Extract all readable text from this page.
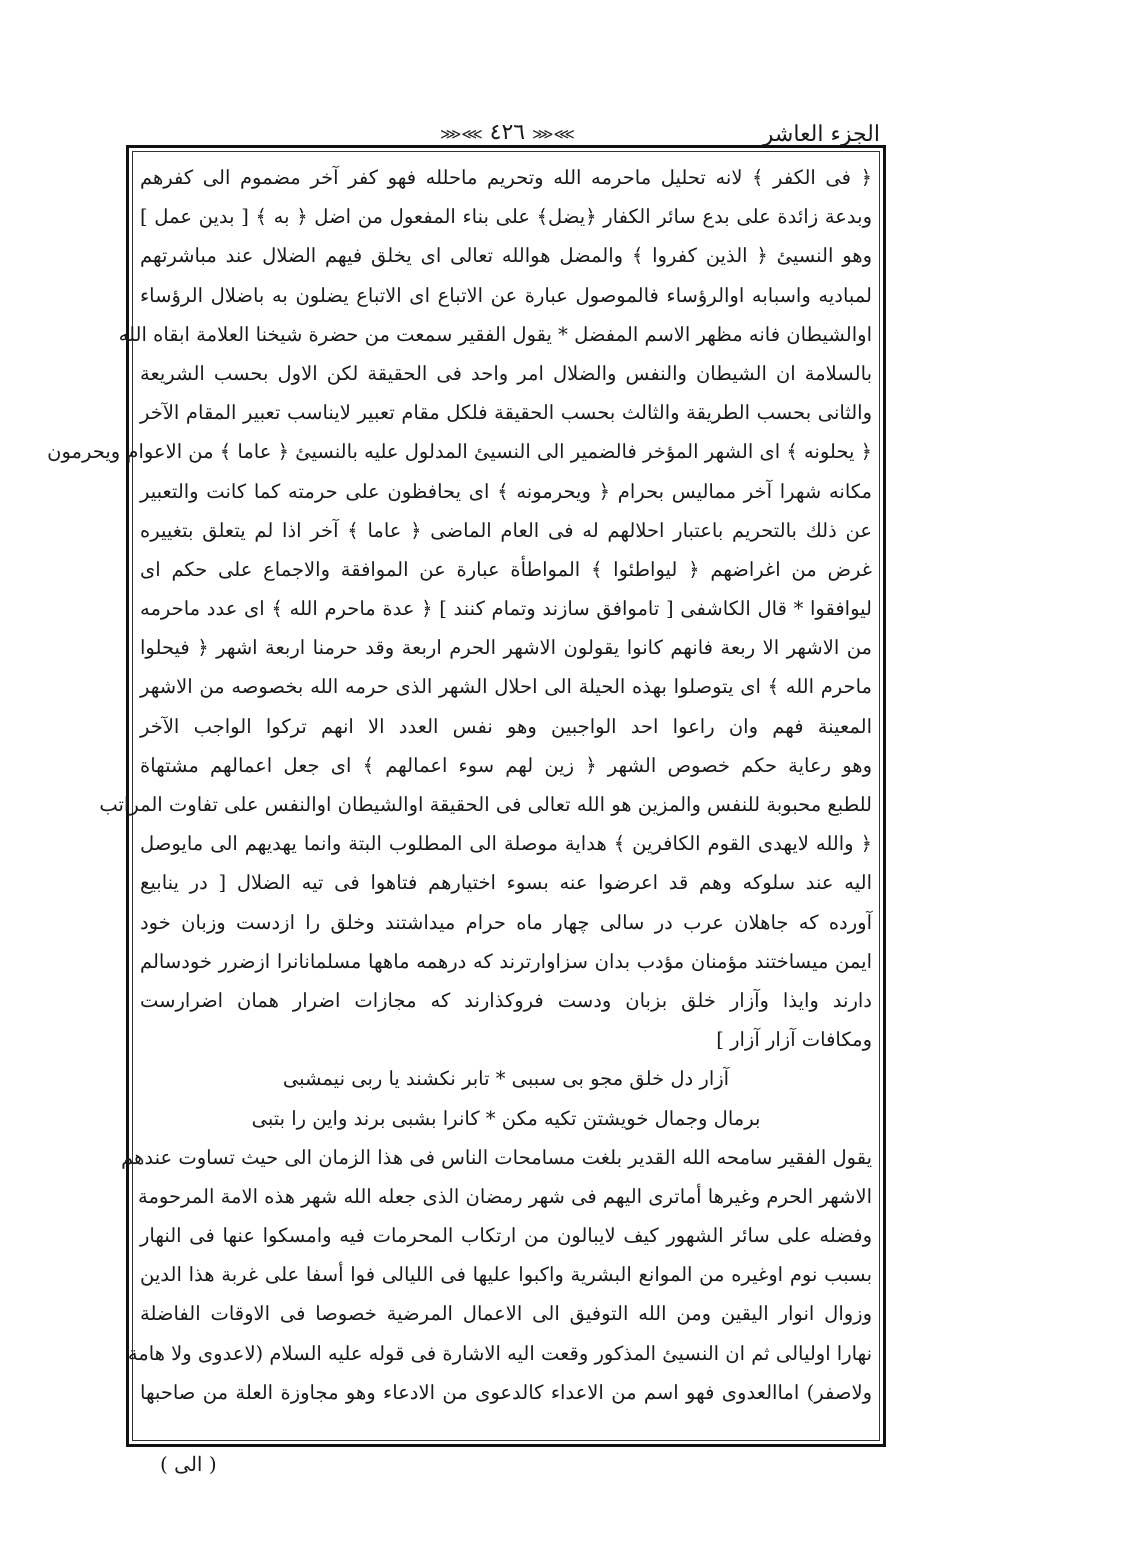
الجزء العاشر
⋙⋘ ٤٢٦ ⋙⋘
﴿ فى الكفر ﴾ لانه تحليل ماحرمه الله وتحريم ماحلله فهو كفر آخر مضموم الى كفرهم
وبدعة زائدة على بدع سائر الكفار ﴿يضل﴾ على بناء المفعول من اضل ﴿ به ﴾ [ بدين عمل ]
وهو النسيئ ﴿ الذين كفروا ﴾ والمضل هوالله تعالى اى يخلق فيهم الضلال عند مباشرتهم
لمباديه واسبابه اوالرؤساء فالموصول عبارة عن الاتباع اى الاتباع يضلون به باضلال الرؤساء
اوالشيطان فانه مظهر الاسم المفضل * يقول الفقير سمعت من حضرة شيخنا العلامة ابقاه الله
بالسلامة ان الشيطان والنفس والضلال امر واحد فى الحقيقة لكن الاول بحسب الشريعة
والثانى بحسب الطريقة والثالث بحسب الحقيقة فلكل مقام تعبير لايناسب تعبير المقام الآخر
﴿ يحلونه ﴾ اى الشهر المؤخر فالضمير الى النسيئ المدلول عليه بالنسيئ ﴿ عاما ﴾ من الاعوام ويحرمون
مكانه شهرا آخر مماليس بحرام ﴿ ويحرمونه ﴾ اى يحافظون على حرمته كما كانت والتعبير
عن ذلك بالتحريم باعتبار احلالهم له فى العام الماضى ﴿ عاما ﴾ آخر اذا لم يتعلق بتغييره
غرض من اغراضهم ﴿ ليواطئوا ﴾ المواطأة عبارة عن الموافقة والاجماع على حكم اى
ليوافقوا * قال الكاشفى [ تاموافق سازند وتمام كنند ] ﴿ عدة ماحرم الله ﴾ اى عدد ماحرمه
من الاشهر الا ربعة فانهم كانوا يقولون الاشهر الحرم اربعة وقد حرمنا اربعة اشهر ﴿ فيحلوا
ماحرم الله ﴾ اى يتوصلوا بهذه الحيلة الى احلال الشهر الذى حرمه الله بخصوصه من الاشهر
المعينة فهم وان راعوا احد الواجبين وهو نفس العدد الا انهم تركوا الواجب الآخر
وهو رعاية حكم خصوص الشهر ﴿ زين لهم سوء اعمالهم ﴾ اى جعل اعمالهم مشتهاة
للطبع محبوبة للنفس والمزين هو الله تعالى فى الحقيقة اوالشيطان اوالنفس على تفاوت المراتب
﴿ والله لايهدى القوم الكافرين ﴾ هداية موصلة الى المطلوب البتة وانما يهديهم الى مايوصل
اليه عند سلوكه وهم قد اعرضوا عنه بسوء اختيارهم فتاهوا فى تيه الضلال [ در ينابيع
آورده كه جاهلان عرب در سالى چهار ماه حرام ميداشتند وخلق را ازدست وزبان خود
ايمن ميساختند مؤمنان مؤدب بدان سزاوارترند كه درهمه ماهها مسلمانانرا ازضرر خودسالم
دارند وايذا وآزار خلق بزبان ودست فروكذارند كه مجازات اضرار همان اضرارست
ومكافات آزار آزار ]
آزار دل خلق مجو بى سببى * تابر نكشند يا ربى نيمشبى
برمال وجمال خويشتن تكيه مكن * كانرا بشبى برند واين را بتبى
يقول الفقير سامحه الله القدير بلغت مسامحات الناس فى هذا الزمان الى حيث تساوت عندهم
الاشهر الحرم وغيرها أماترى اليهم فى شهر رمضان الذى جعله الله شهر هذه الامة المرحومة
وفضله على سائر الشهور كيف لايبالون من ارتكاب المحرمات فيه وامسكوا عنها فى النهار
بسبب نوم اوغيره من الموانع البشرية واكبوا عليها فى الليالى فوا أسفا على غربة هذا الدين
وزوال انوار اليقين ومن الله التوفيق الى الاعمال المرضية خصوصا فى الاوقات الفاضلة
نهارا اوليالى ثم ان النسيئ المذكور وقعت اليه الاشارة فى قوله عليه السلام (لاعدوى ولا هامة
ولاصفر) اماالعدوى فهو اسم من الاعداء كالدعوى من الادعاء وهو مجاوزة العلة من صاحبها
( الى )
